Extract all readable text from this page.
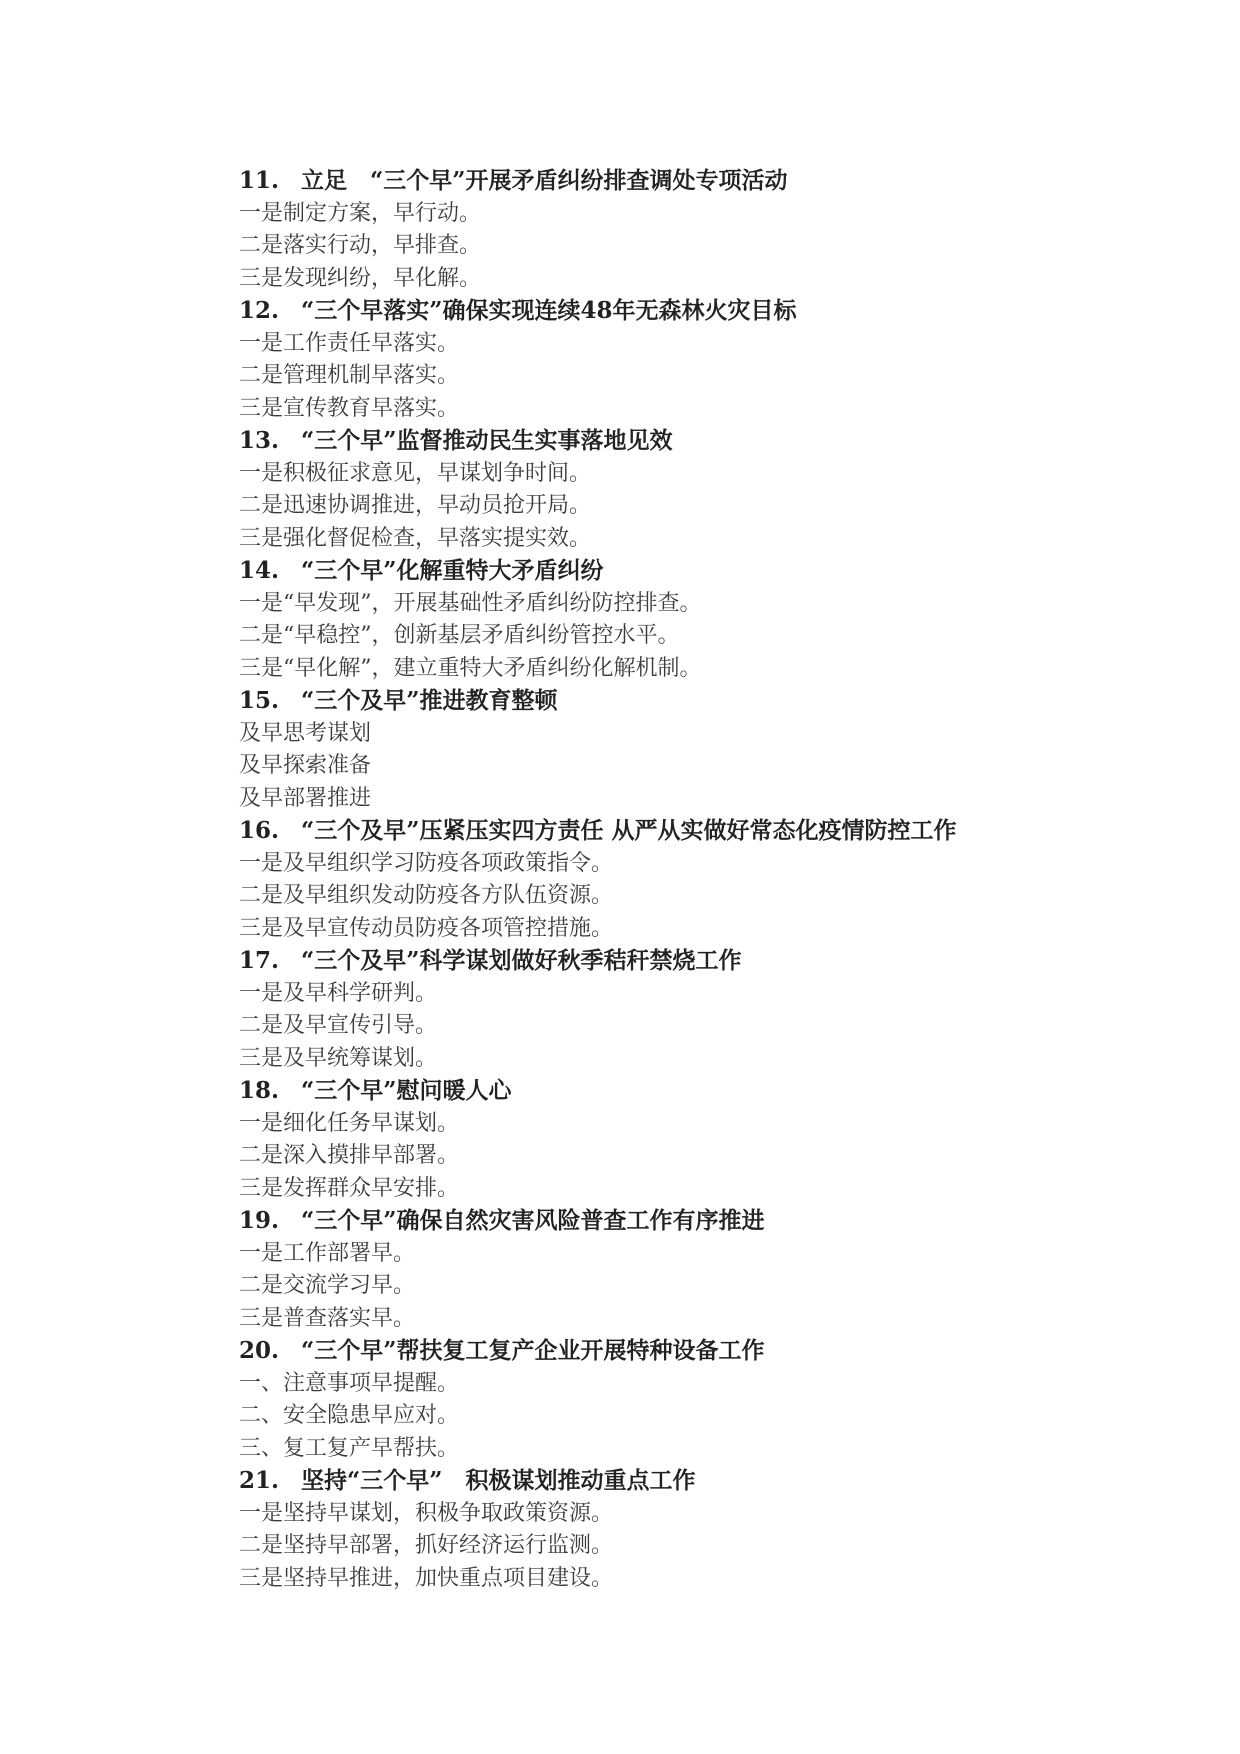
11. 立足　“三个早”开展矛盾纠纷排查调处专项活动
一是制定方案，早行动。
二是落实行动，早排查。
三是发现纠纷，早化解。
12. “三个早落实”确保实现连续48年无森林火灾目标
一是工作责任早落实。
二是管理机制早落实。
三是宣传教育早落实。
13. “三个早”监督推动民生实事落地见效
一是积极征求意见，早谋划争时间。
二是迅速协调推进，早动员抢开局。
三是强化督促检查，早落实提实效。
14. “三个早”化解重特大矛盾纠纷
一是“早发现”，开展基础性矛盾纠纷防控排查。
二是“早稳控”，创新基层矛盾纠纷管控水平。
三是“早化解”，建立重特大矛盾纠纷化解机制。
15. “三个及早”推进教育整顿
及早思考谋划
及早探索准备
及早部署推进
16. “三个及早”压紧压实四方责任 从严从实做好常态化疫情防控工作
一是及早组织学习防疫各项政策指令。
二是及早组织发动防疫各方队伍资源。
三是及早宣传动员防疫各项管控措施。
17. “三个及早”科学谋划做好秋季秸秆禁烧工作
一是及早科学研判。
二是及早宣传引导。
三是及早统筹谋划。
18. “三个早”慰问暖人心
一是细化任务早谋划。
二是深入摸排早部署。
三是发挥群众早安排。
19. “三个早”确保自然灾害风险普查工作有序推进
一是工作部署早。
二是交流学习早。
三是普查落实早。
20. “三个早”帮扶复工复产企业开展特种设备工作
一、注意事项早提醒。
二、安全隐患早应对。
三、复工复产早帮扶。
21. 坚持“三个早”　积极谋划推动重点工作
一是坚持早谋划，积极争取政策资源。
二是坚持早部署，抓好经济运行监测。
三是坚持早推进，加快重点项目建设。
